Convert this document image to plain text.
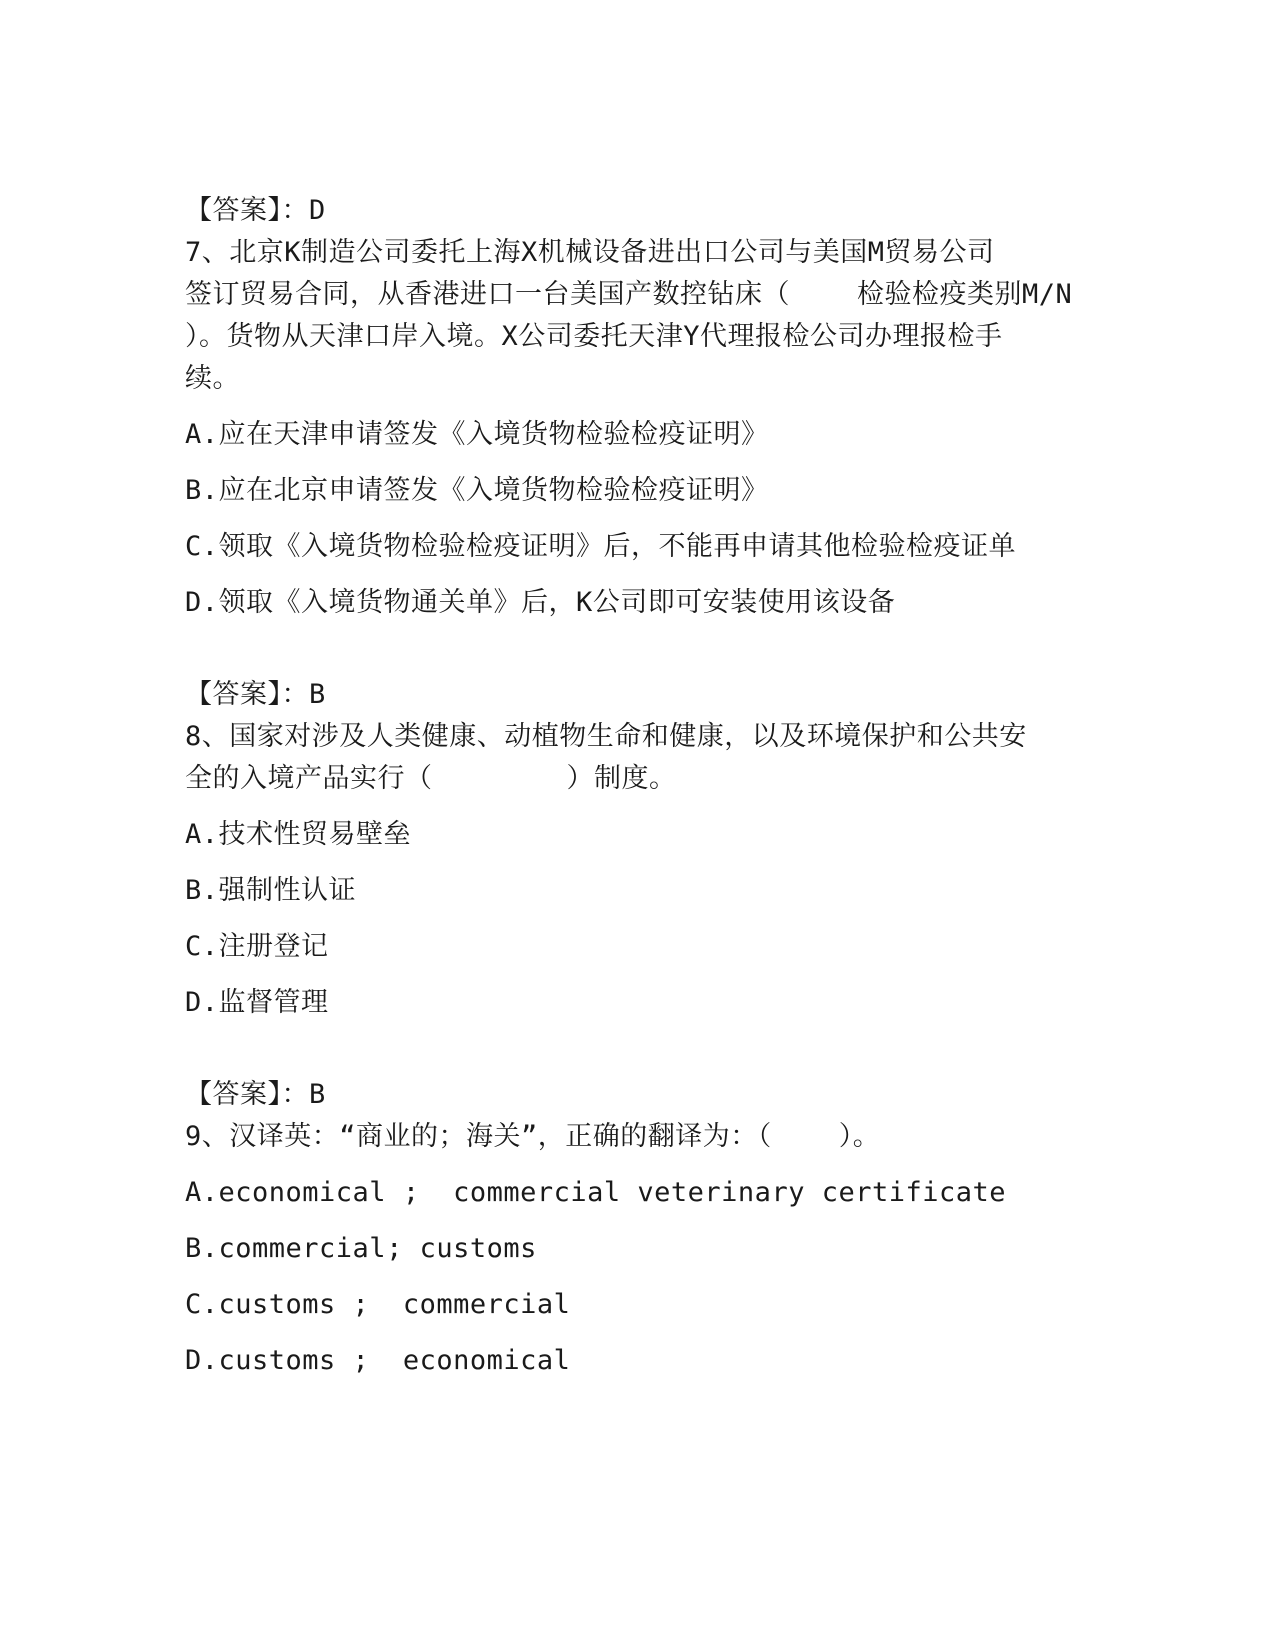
【答案】：D
7、北京K制造公司委托上海X机械设备进出口公司与美国M贸易公司
签订贸易合同，从香港进口一台美国产数控钻床（    检验检疫类别M/N
）。货物从天津口岸入境。X公司委托天津Y代理报检公司办理报检手
续。
A.应在天津申请签发《入境货物检验检疫证明》
B.应在北京申请签发《入境货物检验检疫证明》
C.领取《入境货物检验检疫证明》后，不能再申请其他检验检疫证单
D.领取《入境货物通关单》后，K公司即可安装使用该设备
【答案】：B
8、国家对涉及人类健康、动植物生命和健康，以及环境保护和公共安
全的入境产品实行（        ）制度。
A.技术性贸易壁垒
B.强制性认证
C.注册登记
D.监督管理
【答案】：B
9、汉译英：“商业的；海关”，正确的翻译为：（    ）。
A.economical ;  commercial veterinary certificate
B.commercial; customs
C.customs ;  commercial
D.customs ;  economical
